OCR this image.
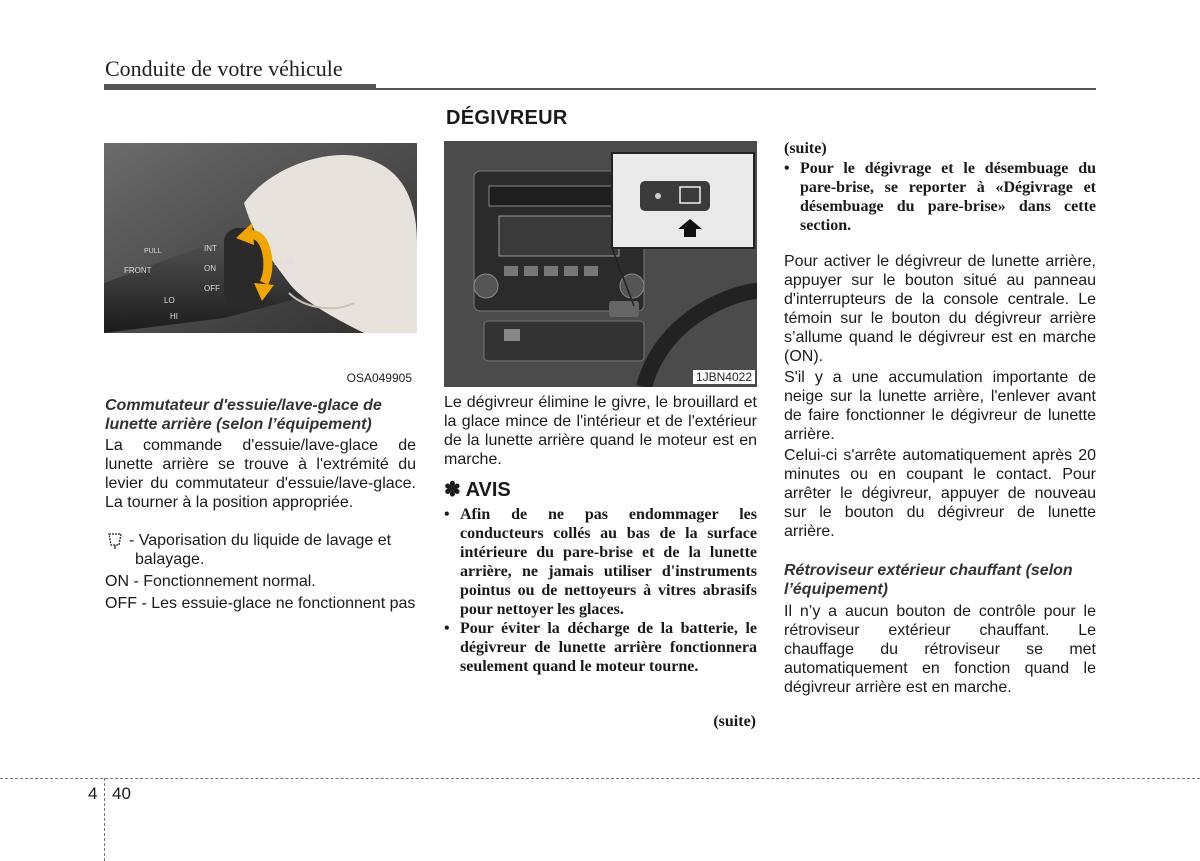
Conduite de votre véhicule
DÉGIVREUR
FRONT
INT
ON
OFF
LO
HI
PULL
REAR
OSA049905
Commutateur d'essuie/lave-glace de lunette arrière (selon l’équipement)

La commande d'essuie/lave-glace de lunette arrière se trouve à l'extrémité du levier du commutateur d'essuie/lave-glace. La tourner à la position appropriée.

- Vaporisation du liquide de lavage et balayage.
ON - Fonctionnement normal.
OFF - Les essuie-glace ne fonctionnent pas
1JBN4022

Le dégivreur élimine le givre, le brouillard et la glace mince de l'intérieur et de l'extérieur de la lunette arrière quand le moteur est en marche.

✽ AVIS
• Afin de ne pas endommager les conducteurs collés au bas de la surface intérieure du pare-brise et de la lunette arrière, ne jamais utiliser d'instruments pointus ou de nettoyeurs à vitres abrasifs pour nettoyer les glaces.
• Pour éviter la décharge de la batterie, le dégivreur de lunette arrière fonctionnera seulement quand le moteur tourne.
(suite)
(suite)
• Pour le dégivrage et le désembuage du pare-brise, se reporter à «Dégivrage et désembuage du pare-brise» dans cette section.

Pour activer le dégivreur de lunette arrière, appuyer sur le bouton situé au panneau d'interrupteurs de la console centrale. Le témoin sur le bouton du dégivreur arrière s’allume quand le dégivreur est en marche (ON).

S'il y a une accumulation importante de neige sur la lunette arrière, l'enlever avant de faire fonctionner le dégivreur de lunette arrière.

Celui-ci s'arrête automatiquement après 20 minutes ou en coupant le contact. Pour arrêter le dégivreur, appuyer de nouveau sur le bouton du dégivreur de lunette arrière.

Rétroviseur extérieur chauffant (selon l’équipement)

Il n’y a aucun bouton de contrôle pour le rétroviseur extérieur chauffant. Le chauffage du rétroviseur se met automatiquement en fonction quand le dégivreur arrière est en marche.

4 40
